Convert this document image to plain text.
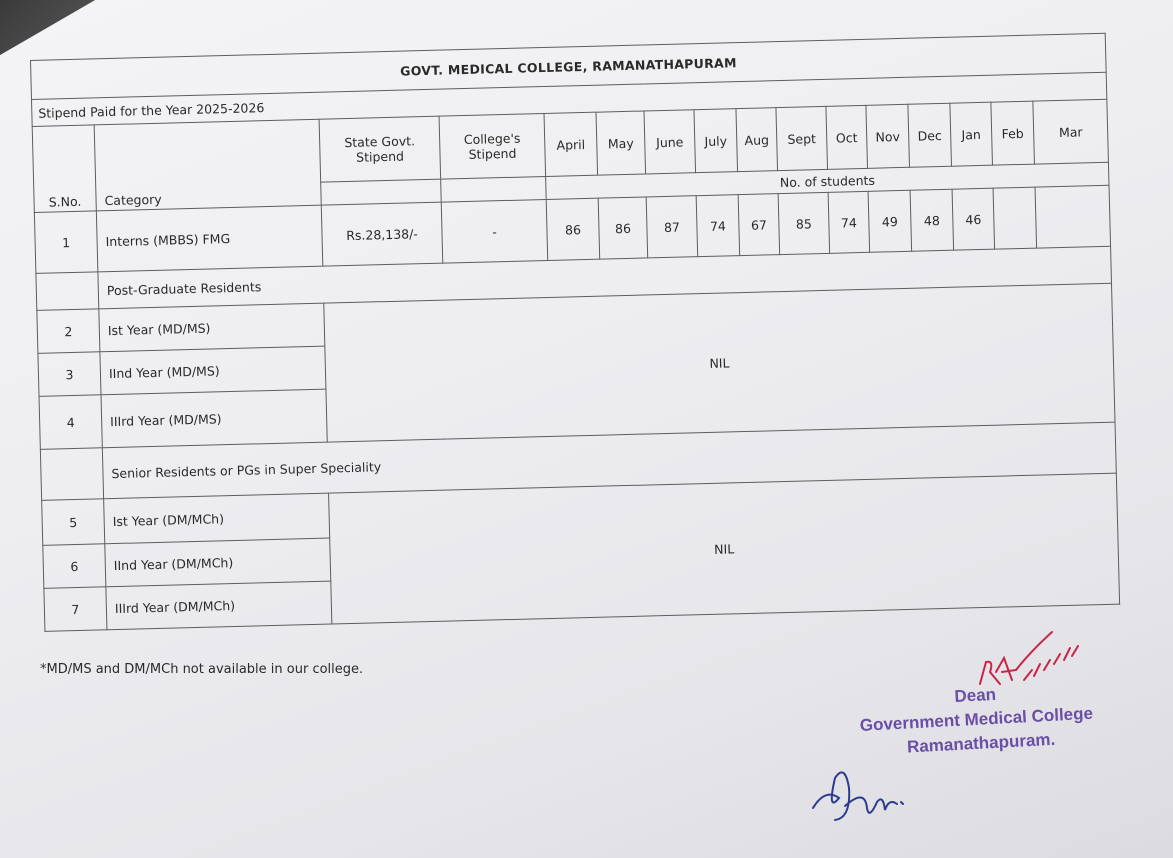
GOVT. MEDICAL COLLEGE, RAMANATHAPURAM															
Stipend Paid for the Year 2025-2026															
S.No.	Category	State Govt. Stipend	College's Stipend	April	May	June	July	Aug	Sept	Oct	Nov	Dec	Jan	Feb	Mar
				No. of students											
1	Interns (MBBS) FMG	Rs.28,138/-	-	86	86	87	74	67	85	74	49	48	46		
	Post-Graduate Residents														
2	Ist Year (MD/MS)	NIL													
3	IInd Year (MD/MS)														
4	IIIrd Year (MD/MS)														
	Senior Residents or PGs in Super Speciality														
5	Ist Year (DM/MCh)	NIL													
6	IInd Year (DM/MCh)														
7	IIIrd Year (DM/MCh)														
*MD/MS and DM/MCh not available in our college.
Dean
Government Medical College
Ramanathapuram.
